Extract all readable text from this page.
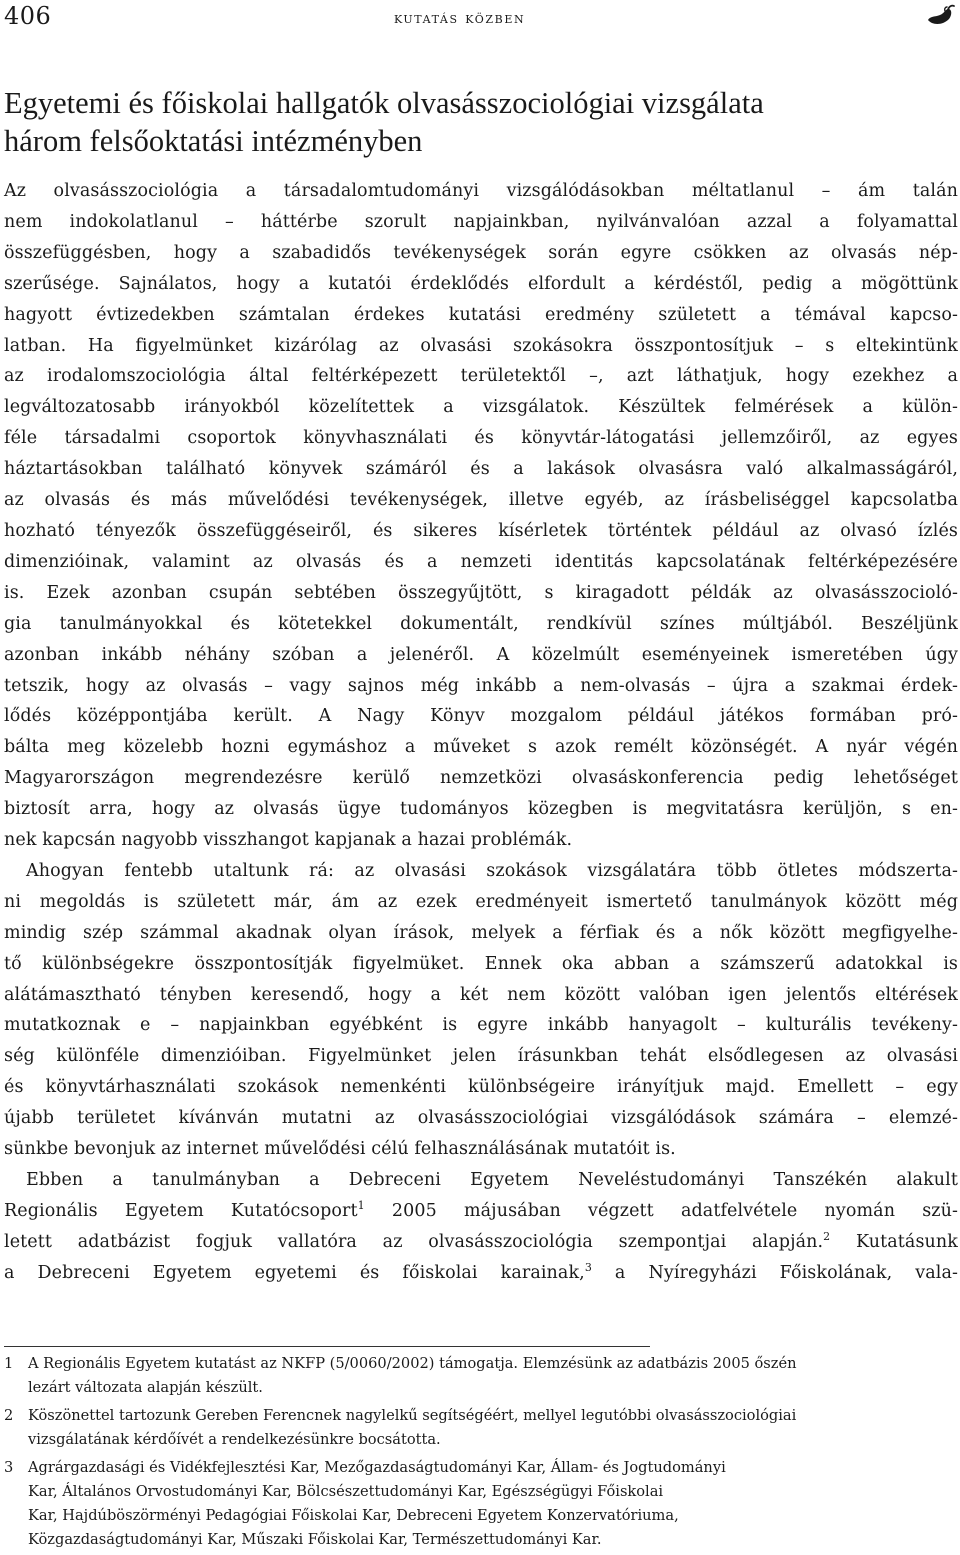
406	kutatás közben
Egyetemi és főiskolai hallgatók olvasásszociológiai vizsgálata
három felsőoktatási intézményben

Az olvasásszociológia a társadalomtudományi vizsgálódásokban méltatlanul – ám talán
nem indokolatlanul – háttérbe szorult napjainkban, nyilvánvalóan azzal a folyamattal
összefüggésben, hogy a szabadidős tevékenységek során egyre csökken az olvasás nép-
szerűsége. Sajnálatos, hogy a kutatói érdeklődés elfordult a kérdéstől, pedig a mögöttünk
hagyott évtizedekben számtalan érdekes kutatási eredmény született a témával kapcso-
latban. Ha figyelmünket kizárólag az olvasási szokásokra összpontosítjuk – s eltekintünk
az irodalomszociológia által feltérképezett területektől –, azt láthatjuk, hogy ezekhez a
legváltozatosabb irányokból közelítettek a vizsgálatok. Készültek felmérések a külön-
féle társadalmi csoportok könyvhasználati és könyvtár-látogatási jellemzőiről, az egyes
háztartásokban található könyvek számáról és a lakások olvasásra való alkalmasságáról,
az olvasás és más művelődési tevékenységek, illetve egyéb, az írásbeliséggel kapcsolatba
hozható tényezők összefüggéseiről, és sikeres kísérletek történtek például az olvasó ízlés
dimenzióinak, valamint az olvasás és a nemzeti identitás kapcsolatának feltérképezésére
is. Ezek azonban csupán sebtében összegyűjtött, s kiragadott példák az olvasásszocioló-
gia tanulmányokkal és kötetekkel dokumentált, rendkívül színes múltjából. Beszéljünk
azonban inkább néhány szóban a jelenéről. A közelmúlt eseményeinek ismeretében úgy
tetszik, hogy az olvasás – vagy sajnos még inkább a nem-olvasás – újra a szakmai érdek-
lődés középpontjába került. A Nagy Könyv mozgalom például játékos formában pró-
bálta meg közelebb hozni egymáshoz a műveket s azok remélt közönségét. A nyár végén
Magyarországon megrendezésre kerülő nemzetközi olvasáskonferencia pedig lehetőséget
biztosít arra, hogy az olvasás ügye tudományos közegben is megvitatásra kerüljön, s en-
nek kapcsán nagyobb visszhangot kapjanak a hazai problémák.

Ahogyan fentebb utaltunk rá: az olvasási szokások vizsgálatára több ötletes módszerta-
ni megoldás is született már, ám az ezek eredményeit ismertető tanulmányok között még
mindig szép számmal akadnak olyan írások, melyek a férfiak és a nők között megfigyelhe-
tő különbségekre összpontosítják figyelmüket. Ennek oka abban a számszerű adatokkal is
alátámasztható tényben keresendő, hogy a két nem között valóban igen jelentős eltérések
mutatkoznak e – napjainkban egyébként is egyre inkább hanyagolt – kulturális tevékeny-
ség különféle dimenzióiban. Figyelmünket jelen írásunkban tehát elsődlegesen az olvasási
és könyvtárhasználati szokások nemenkénti különbségeire irányítjuk majd. Emellett – egy
újabb területet kívánván mutatni az olvasásszociológiai vizsgálódások számára – elemzé-
sünkbe bevonjuk az internet művelődési célú felhasználásának mutatóit is.

Ebben a tanulmányban a Debreceni Egyetem Neveléstudományi Tanszékén alakult
Regionális Egyetem Kutatócsoport$^1$ 2005 májusában végzett adatfelvétele nyomán szü-
letett adatbázist fogjuk vallatóra az olvasásszociológia szempontjai alapján.$^2$ Kutatásunk
a Debreceni Egyetem egyetemi és főiskolai karainak,$^3$ a Nyíregyházi Főiskolának, vala-

1 A Regionális Egyetem kutatást az NKFP (5/0060/2002) támogatja. Elemzésünk az adatbázis 2005 őszén
lezárt változata alapján készült.
2 Köszönettel tartozunk Gereben Ferencnek nagylelkű segítségéért, mellyel legutóbbi olvasásszociológiai
vizsgálatának kérdőívét a rendelkezésünkre bocsátotta.
3 Agrárgazdasági és Vidékfejlesztési Kar, Mezőgazdaságtudományi Kar, Állam- és Jogtudományi
Kar, Általános Orvostudományi Kar, Bölcsészettudományi Kar, Egészségügyi Főiskolai
Kar, Hajdúböszörményi Pedagógiai Főiskolai Kar, Debreceni Egyetem Konzervatóriuma,
Közgazdaságtudományi Kar, Műszaki Főiskolai Kar, Természettudományi Kar.
